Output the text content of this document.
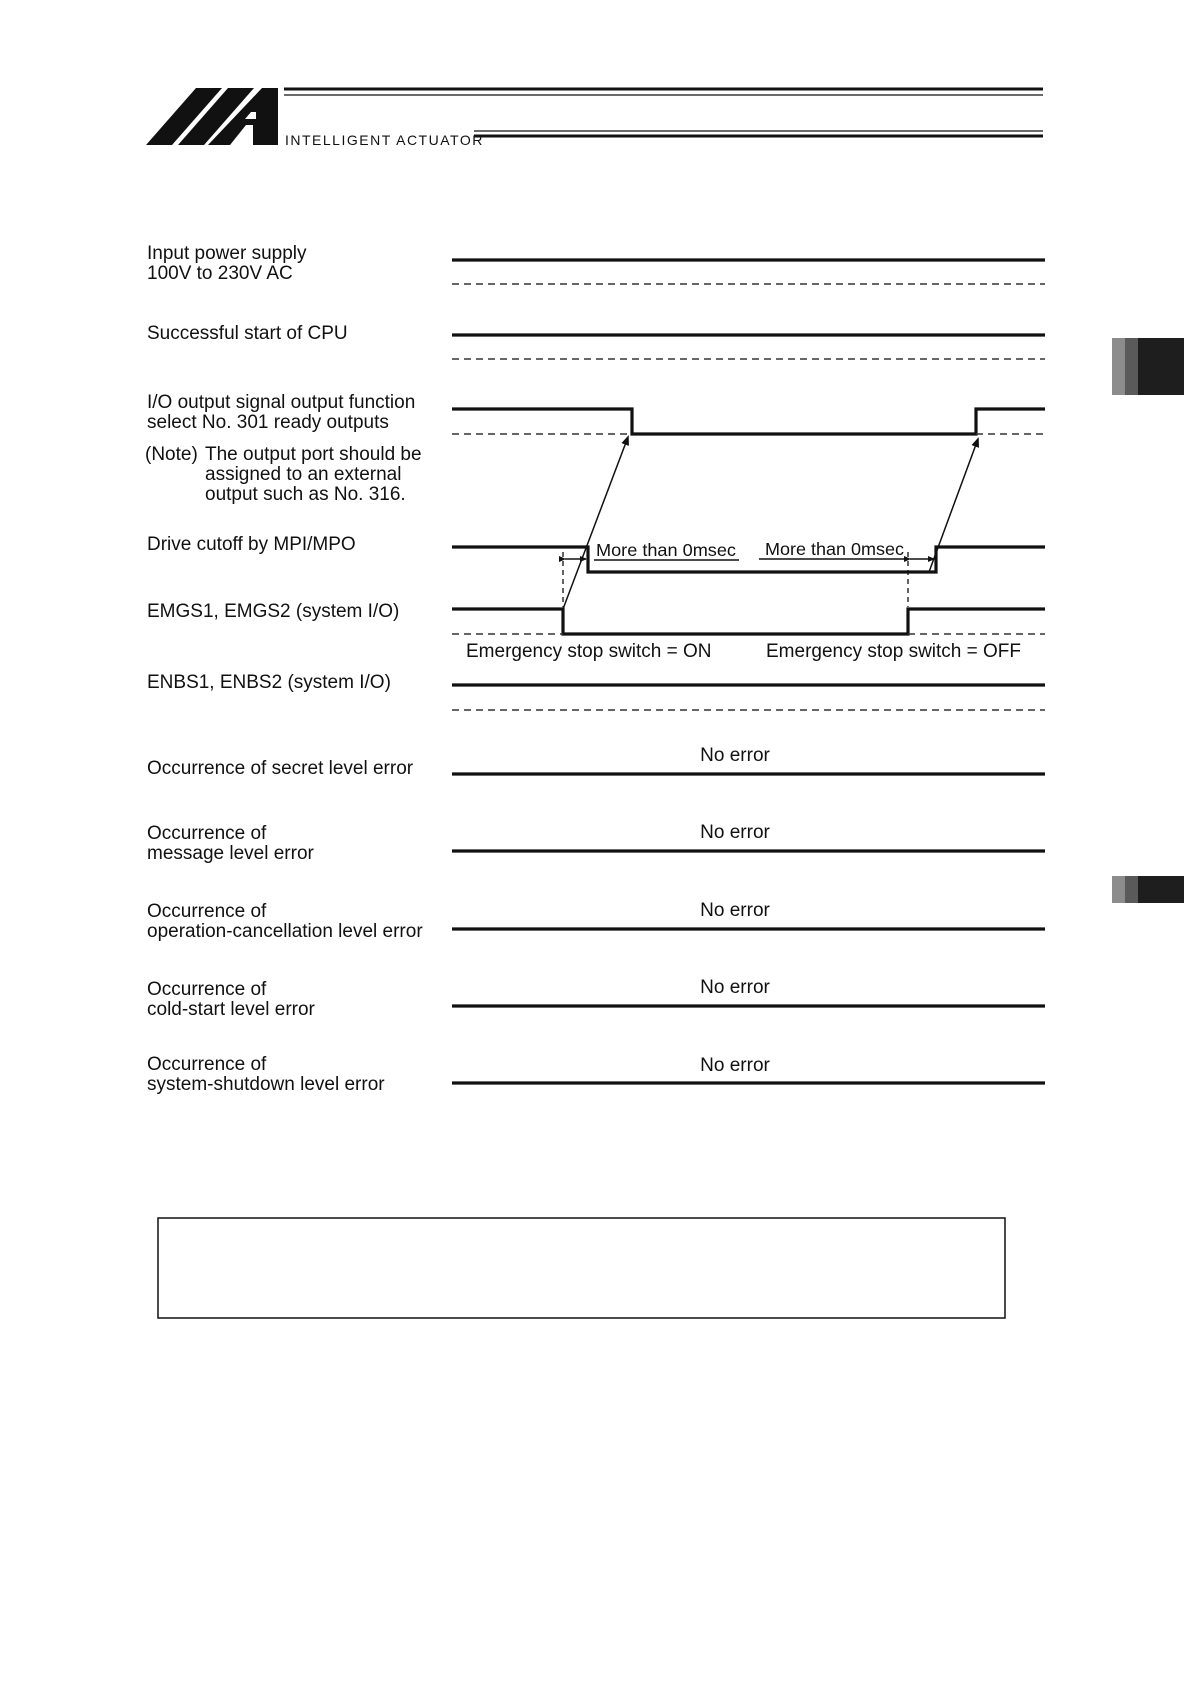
INTELLIGENT ACTUATOR
Input power supply
100V to 230V AC
Successful start of CPU
I/O output signal output function
select No. 301 ready outputs
(Note) The output port should be
assigned to an external
output such as No. 316.
Drive cutoff by MPI/MPO
EMGS1, EMGS2 (system I/O)
ENBS1, ENBS2 (system I/O)
Occurrence of secret level error
Occurrence of
message level error
Occurrence of
operation-cancellation level error
Occurrence of
cold-start level error
Occurrence of
system-shutdown level error
More than 0msec More than 0msec
Emergency stop switch = ON	Emergency stop switch = OFF
No error
No error
No error
No error
No error
